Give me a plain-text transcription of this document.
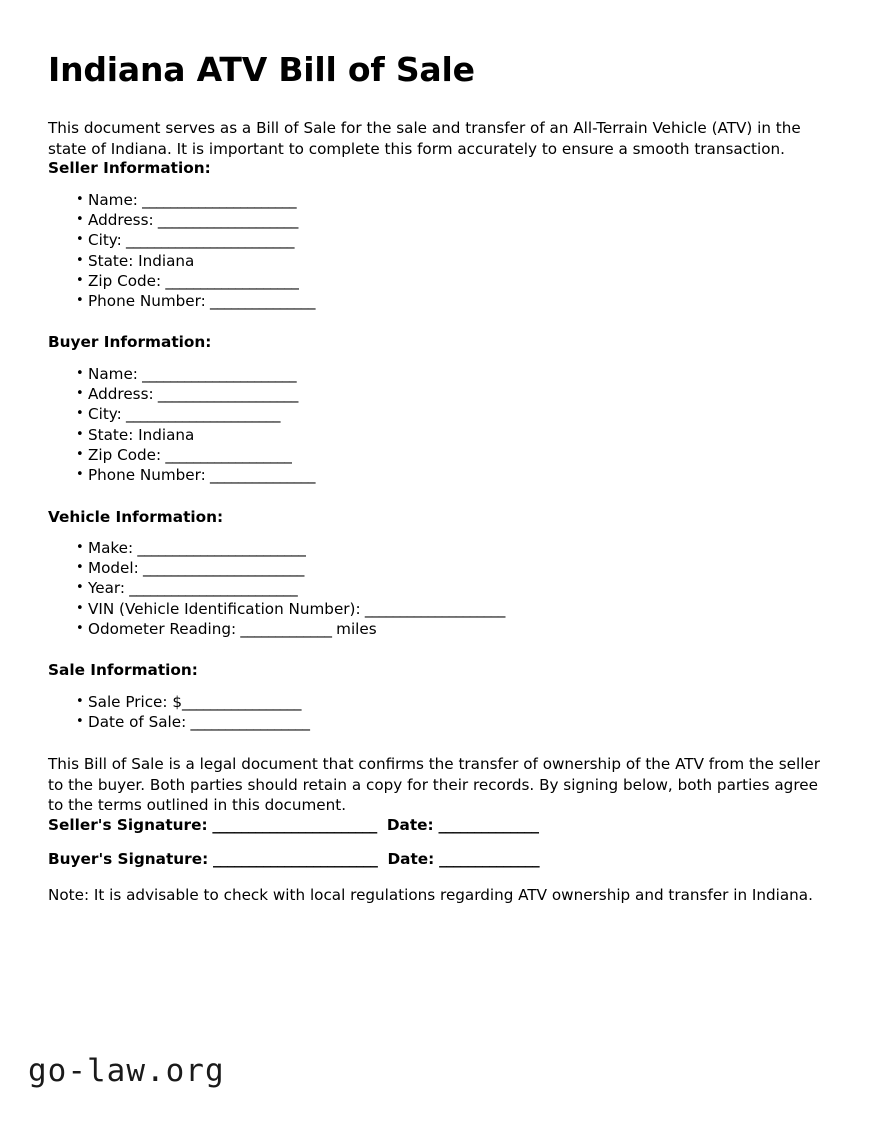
Indiana ATV Bill of Sale

This document serves as a Bill of Sale for the sale and transfer of an All-Terrain Vehicle (ATV) in the state of Indiana. It is important to complete this form accurately to ensure a smooth transaction.

Seller Information:
• Name: ______________________
• Address: ____________________
• City: ________________________
• State: Indiana
• Zip Code: ___________________
• Phone Number: _______________
Buyer Information:
• Name: ______________________
• Address: ____________________
• City: ______________________
• State: Indiana
• Zip Code: __________________
• Phone Number: _______________
Vehicle Information:
• Make: ________________________
• Model: _______________________
• Year: ________________________
• VIN (Vehicle Identification Number): ____________________
• Odometer Reading: _____________ miles
Sale Information:
• Sale Price: $_________________
• Date of Sale: _________________

This Bill of Sale is a legal document that confirms the transfer of ownership of the ATV from the seller to the buyer. Both parties should retain a copy for their records. By signing below, both parties agree to the terms outlined in this document.

Seller's Signature: _______________________ Date: ______________
Buyer's Signature: _______________________ Date: ______________

Note: It is advisable to check with local regulations regarding ATV ownership and transfer in Indiana.

go-law.org
